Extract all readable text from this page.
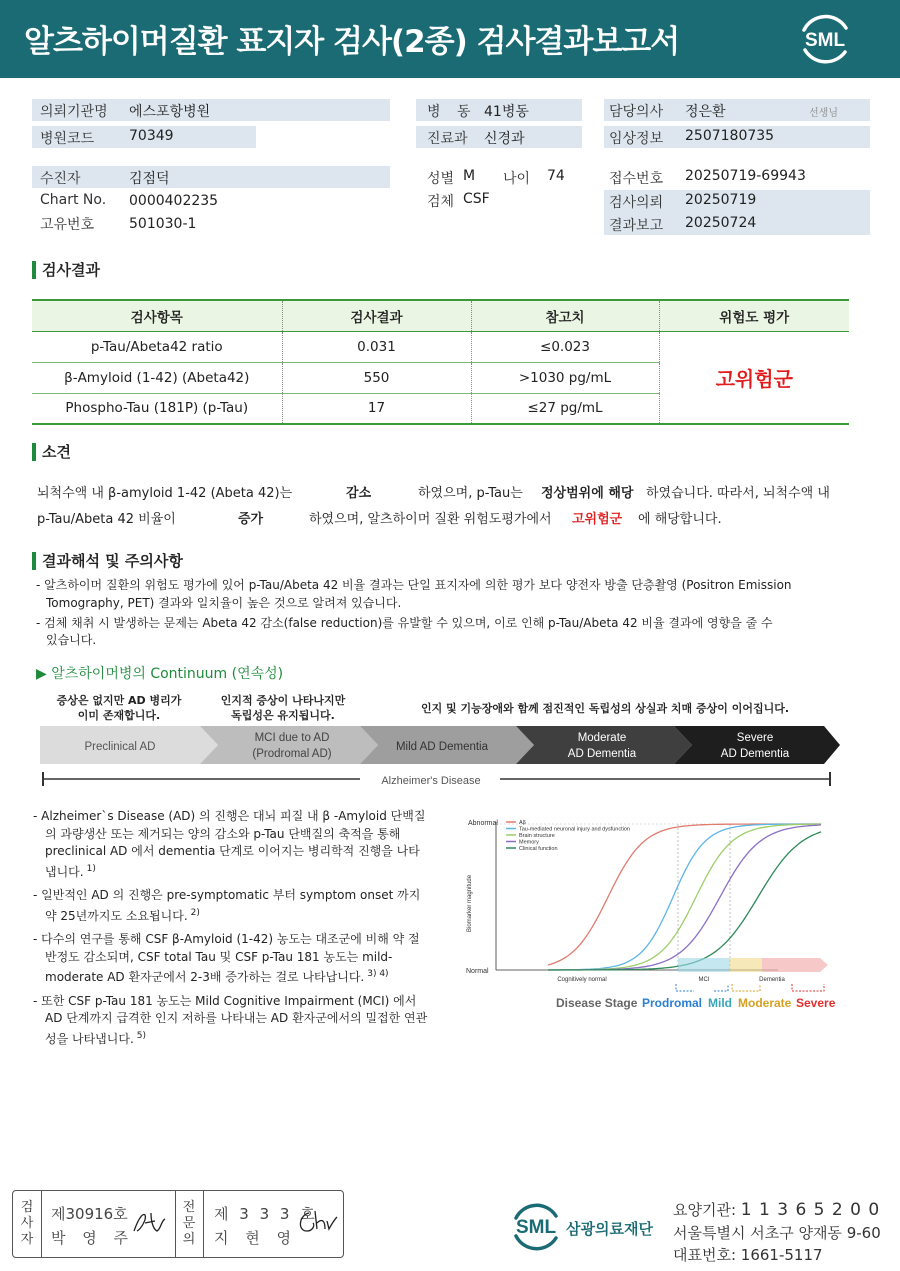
알츠하이머질환 표지자 검사(2종) 검사결과보고서	SML
의뢰기관명 에스포항병원
병원코드 70349
병 동 41병동
진료과 신경과
담당의사 정은환	선생님
임상정보 2507180735
수진자	김점덕
Chart No. 0000402235
고유번호 501030-1
성별 M 나이 74
검체 CSF
접수번호 20250719-69943
검사의뢰 20250719
결과보고 20250724
검사결과
검사항목	검사결과	참고치	위험도 평가
p-Tau/Abeta42 ratio	0.031	≤0.023	고위험군
β-Amyloid (1-42) (Abeta42)	550	>1030 pg/mL	
Phospho-Tau (181P) (p-Tau)	17	≤27 pg/mL	
소견
뇌척수액 내 β-amyloid 1-42 (Abeta 42)는	감소	하였으며, p-Tau는 정상범위에 해당 하였습니다. 따라서, 뇌척수액 내
p-Tau/Abeta 42 비율이	증가	하였으며, 알츠하이머 질환 위험도평가에서 고위험군 에 해당합니다.
결과해석 및 주의사항
- 알츠하이머 질환의 위험도 평가에 있어 p-Tau/Abeta 42 비율 결과는 단일 표지자에 의한 평가 보다 양전자 방출 단층촬영 (Positron Emission
Tomography, PET) 결과와 일치율이 높은 것으로 알려져 있습니다.
- 검체 채취 시 발생하는 문제는 Abeta 42 감소(false reduction)를 유발할 수 있으며, 이로 인해 p-Tau/Abeta 42 비율 결과에 영향을 줄 수
있습니다.
▶ 알츠하이머병의 Continuum (연속성)
증상은 없지만 AD 병리가
이미 존재합니다.
인지적 증상이 나타나지만
독립성은 유지됩니다.
인지 및 기능장애와 함께 점진적인 독립성의 상실과 치매 증상이 이어집니다.
Preclinical AD
MCI due to AD
(Prodromal AD)
Mild AD Dementia
Moderate
AD Dementia
Severe
AD Dementia
Alzheimer's Disease
- Alzheimer`s Disease (AD) 의 진행은 대뇌 피질 내 β -Amyloid 단백질의 과량생산 또는 제거되는 양의 감소와 p-Tau 단백질의 축적을 통해 preclinical AD 에서 dementia 단계로 이어지는 병리학적 진행을 나타냅니다. $^{1)}$
- 일반적인 AD 의 진행은 pre-symptomatic 부터 symptom onset 까지 약 25년까지도 소요됩니다. $^{2)}$
- 다수의 연구를 통해 CSF β-Amyloid (1-42) 농도는 대조군에 비해 약 절반정도 감소되며, CSF total Tau 및 CSF p-Tau 181 농도는 mild-moderate AD 환자군에서 2-3배 증가하는 걸로 나타납니다. $^{3) 4)}$
- 또한 CSF p-Tau 181 농도는 Mild Cognitive Impairment (MCI) 에서 AD 단계까지 급격한 인지 저하를 나타내는 AD 환자군에서의 밀접한 연관성을 나타냅니다. $^{5)}$
Abnormal
Normal
Biomarker magnitude
Aβ
Tau-mediated neuronal injury and dysfunction
Brain structure
Memory
Clinical function
Cognitively normal	MCI	Dementia
Disease Stage Prodromal Mild Moderate Severe
검사자
제30916호
박 영 주
전문의
제 3 3 3 호
지 현 영	SML 삼광의료재단
요양기관: 1 1 3 6 5 2 0 0
서울특별시 서초구 양재동 9-60
대표번호: 1661-5117
